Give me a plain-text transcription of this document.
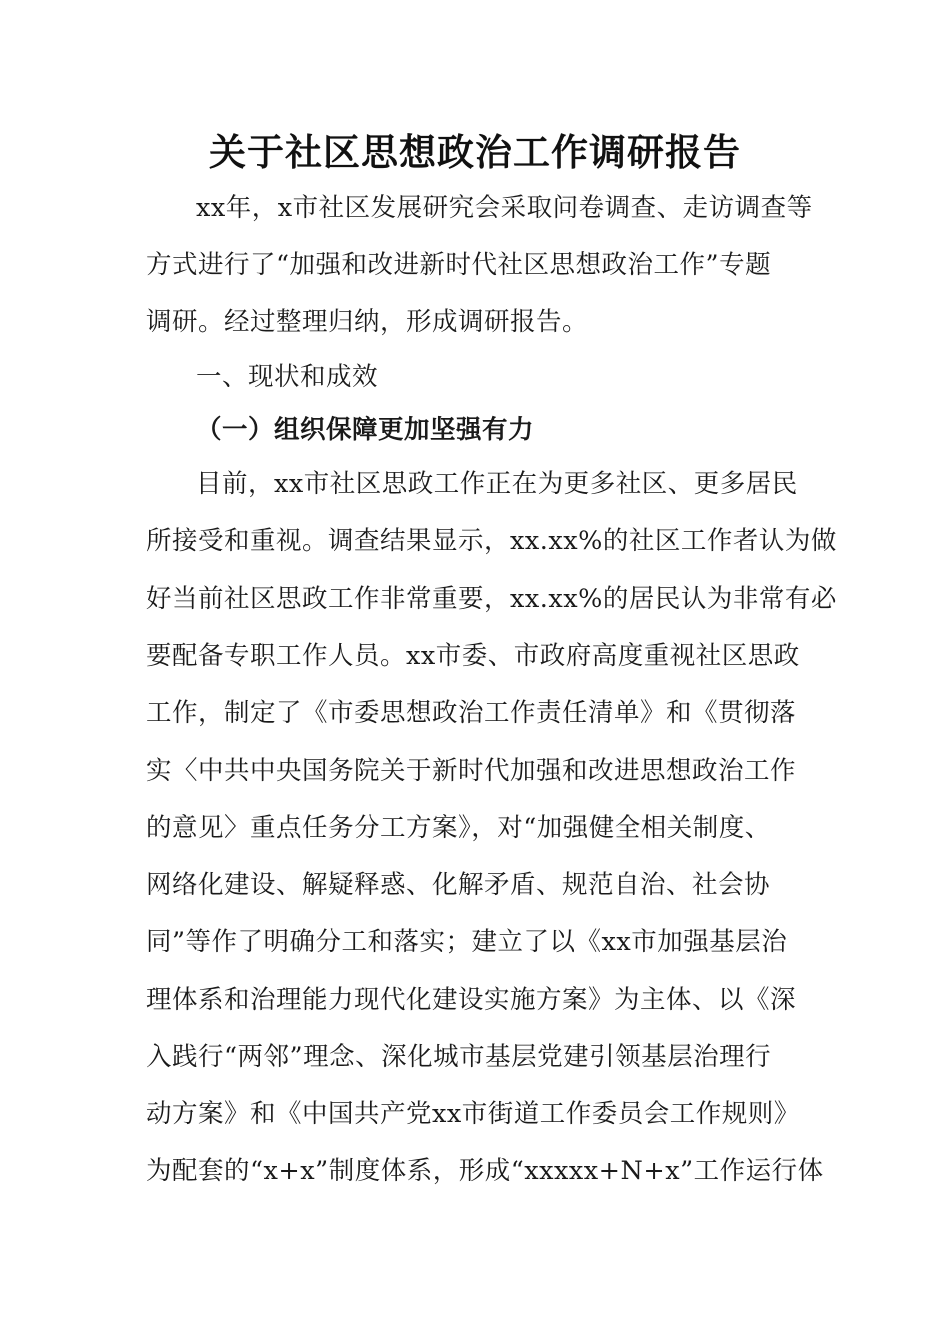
关于社区思想政治工作调研报告
xx年，x市社区发展研究会采取问卷调查、走访调查等
方式进行了“加强和改进新时代社区思想政治工作”专题
调研。经过整理归纳，形成调研报告。
一、现状和成效
（一）组织保障更加坚强有力
目前，xx市社区思政工作正在为更多社区、更多居民
所接受和重视。调查结果显示，xx.xx%的社区工作者认为做
好当前社区思政工作非常重要，xx.xx%的居民认为非常有必
要配备专职工作人员。xx市委、市政府高度重视社区思政
工作，制定了《市委思想政治工作责任清单》和《贯彻落
实〈中共中央国务院关于新时代加强和改进思想政治工作
的意见〉重点任务分工方案》，对“加强健全相关制度、
网络化建设、解疑释惑、化解矛盾、规范自治、社会协
同”等作了明确分工和落实；建立了以《xx市加强基层治
理体系和治理能力现代化建设实施方案》为主体、以《深
入践行“两邻”理念、深化城市基层党建引领基层治理行
动方案》和《中国共产党xx市街道工作委员会工作规则》
为配套的“x+x”制度体系，形成“xxxxx+N+x”工作运行体
